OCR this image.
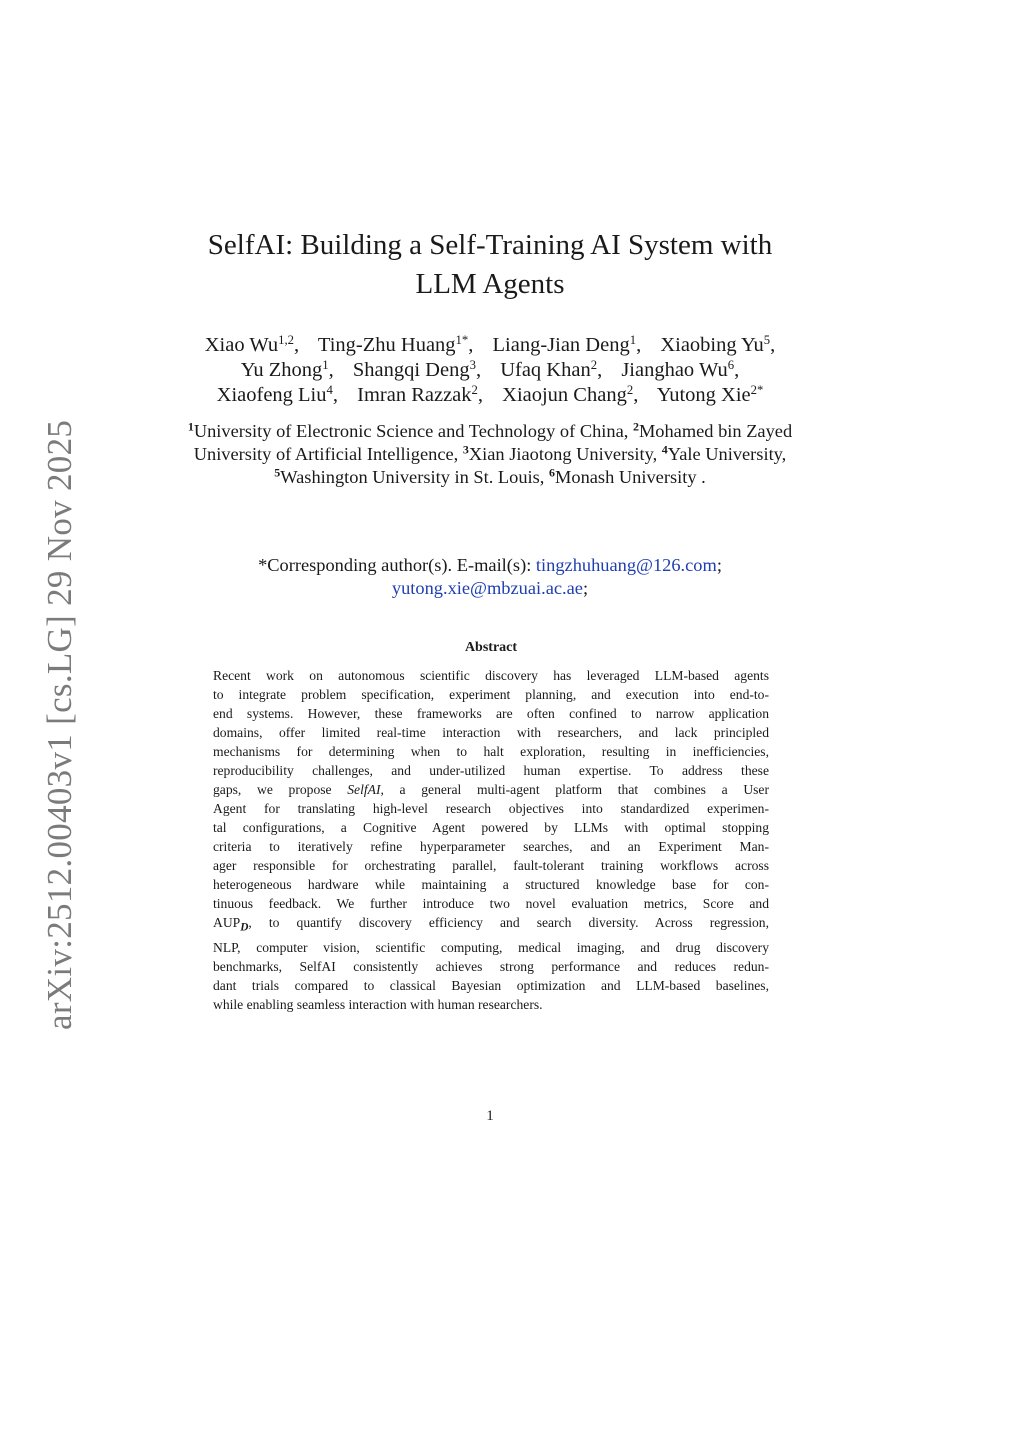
arXiv:2512.00403v1 [cs.LG] 29 Nov 2025
SelfAI: Building a Self-Training AI System with
LLM Agents

Xiao Wu$^{1,2}$, Ting-Zhu Huang$^{1*}$, Liang-Jian Deng$^1$, Xiaobing Yu$^5$,
Yu Zhong$^1$, Shangqi Deng$^3$, Ufaq Khan$^2$, Jianghao Wu$^6$,
Xiaofeng Liu$^4$, Imran Razzak$^2$, Xiaojun Chang$^2$, Yutong Xie$^{2*}$

$^1$University of Electronic Science and Technology of China, $^2$Mohamed bin Zayed University of Artificial Intelligence, $^3$Xian Jiaotong University, $^4$Yale University, $^5$Washington University in St. Louis, $^6$Monash University .

*Corresponding author(s). E-mail(s): tingzhuhuang@126.com;
yutong.xie@mbzuai.ac.ae;

Abstract
Recent work on autonomous scientific discovery has leveraged LLM-based agents
to integrate problem specification, experiment planning, and execution into end-to-
end systems. However, these frameworks are often confined to narrow application
domains, offer limited real-time interaction with researchers, and lack principled
mechanisms for determining when to halt exploration, resulting in inefficiencies,
reproducibility challenges, and under-utilized human expertise. To address these
gaps, we propose SelfAI, a general multi-agent platform that combines a User
Agent for translating high-level research objectives into standardized experimen-
tal configurations, a Cognitive Agent powered by LLMs with optimal stopping
criteria to iteratively refine hyperparameter searches, and an Experiment Man-
ager responsible for orchestrating parallel, fault-tolerant training workflows across
heterogeneous hardware while maintaining a structured knowledge base for con-
tinuous feedback. We further introduce two novel evaluation metrics, Score and
$AUP_D$, to quantify discovery efficiency and search diversity. Across regression,
NLP, computer vision, scientific computing, medical imaging, and drug discovery
benchmarks, SelfAI consistently achieves strong performance and reduces redun-
dant trials compared to classical Bayesian optimization and LLM-based baselines,
while enabling seamless interaction with human researchers.

1
